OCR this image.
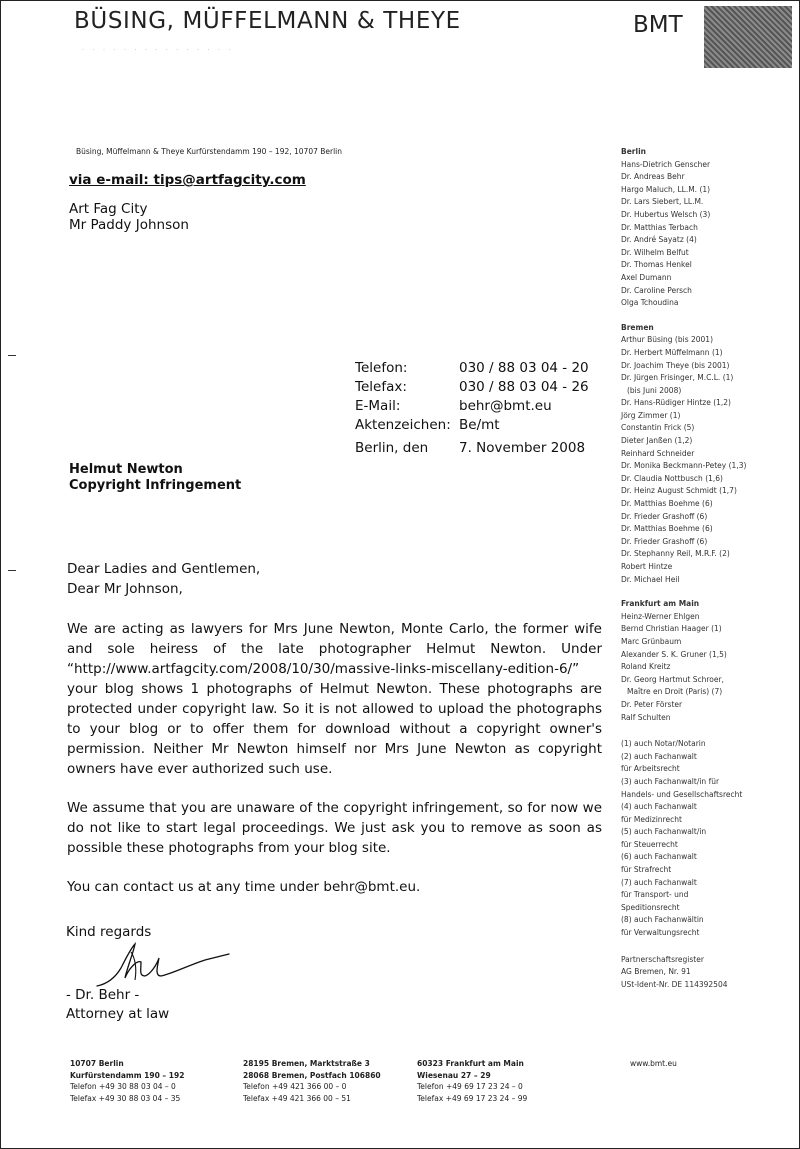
BÜSING, MÜFFELMANN & THEYE	BMT
· · · · · · · · · · · · · · ·
Büsing, Müffelmann & Theye Kurfürstendamm 190 – 192, 10707 Berlin
via e-mail: tips@artfagcity.com
Art Fag City
Mr Paddy Johnson
Telefon:	030 / 88 03 04 - 20
Telefax:	030 / 88 03 04 - 26
E-Mail:	behr@bmt.eu
Aktenzeichen: Be/mt
Berlin, den	7. November 2008
Helmut Newton
Copyright Infringement

Dear Ladies and Gentlemen,
Dear Mr Johnson,

We are acting as lawyers for Mrs June Newton, Monte Carlo, the former wife and sole heiress of the late photographer Helmut Newton. Under “http://www.artfagcity.com/2008/10/30/massive-links-miscellany-edition-6/” your blog shows 1 photographs of Helmut Newton. These photographs are protected under copyright law. So it is not allowed to upload the photographs to your blog or to offer them for download without a copyright owner's permission. Neither Mr Newton himself nor Mrs June Newton as copyright owners have ever authorized such use.

We assume that you are unaware of the copyright infringement, so for now we do not like to start legal proceedings. We just ask you to remove as soon as possible these photographs from your blog site.

You can contact us at any time under behr@bmt.eu.

Kind regards
- Dr. Behr -
Attorney at law
Berlin
Hans-Dietrich Genscher
Dr. Andreas Behr
Hargo Maluch, LL.M. (1)
Dr. Lars Siebert, LL.M.
Dr. Hubertus Welsch (3)
Dr. Matthias Terbach
Dr. André Sayatz (4)
Dr. Wilhelm Belfut
Dr. Thomas Henkel
Axel Dumann
Dr. Caroline Persch
Olga Tchoudina
Bremen
Arthur Büsing (bis 2001)
Dr. Herbert Müffelmann (1)
Dr. Joachim Theye (bis 2001)
Dr. Jürgen Frisinger, M.C.L. (1)
(bis Juni 2008)
Dr. Hans-Rüdiger Hintze (1,2)
Jörg Zimmer (1)
Constantin Frick (5)
Dieter Janßen (1,2)
Reinhard Schneider
Dr. Monika Beckmann-Petey (1,3)
Dr. Claudia Nottbusch (1,6)
Dr. Heinz August Schmidt (1,7)
Dr. Matthias Boehme (6)
Dr. Frieder Grashoff (6)
Dr. Matthias Boehme (6)
Dr. Frieder Grashoff (6)
Dr. Stephanny Reil, M.R.F. (2)
Robert Hintze
Dr. Michael Heil
Frankfurt am Main
Heinz-Werner Ehlgen
Bernd Christian Haager (1)
Marc Grünbaum
Alexander S. K. Gruner (1,5)
Roland Kreitz
Dr. Georg Hartmut Schroer,
Maître en Droit (Paris) (7)
Dr. Peter Förster
Ralf Schulten
(1) auch Notar/Notarin
(2) auch Fachanwalt
für Arbeitsrecht
(3) auch Fachanwalt/in für
Handels- und Gesellschaftsrecht
(4) auch Fachanwalt
für Medizinrecht
(5) auch Fachanwalt/in
für Steuerrecht
(6) auch Fachanwalt
für Strafrecht
(7) auch Fachanwalt
für Transport- und
Speditionsrecht
(8) auch Fachanwältin
für Verwaltungsrecht
Partnerschaftsregister
AG Bremen, Nr. 91
USt-Ident-Nr. DE 114392504
10707 Berlin
Kurfürstendamm 190 – 192
Telefon +49 30 88 03 04 – 0
Telefax +49 30 88 03 04 – 35
28195 Bremen, Marktstraße 3
28068 Bremen, Postfach 106860
Telefon +49 421 366 00 – 0
Telefax +49 421 366 00 – 51
60323 Frankfurt am Main
Wiesenau 27 – 29
Telefon +49 69 17 23 24 – 0
Telefax +49 69 17 23 24 – 99
www.bmt.eu
